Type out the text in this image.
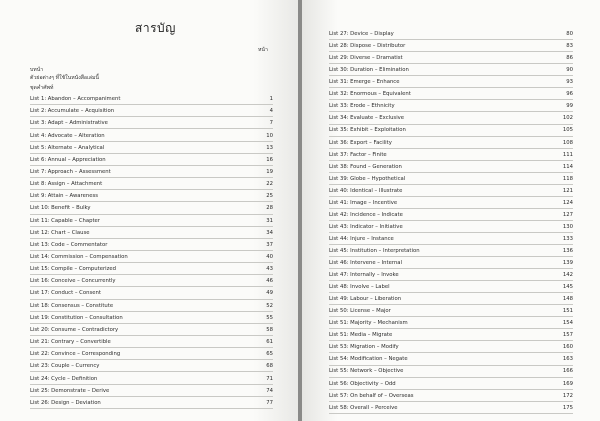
สารบัญ
หน้า
บทนำ
ตัวย่อต่างๆ ที่ใช้ในหนังสือเล่มนี้
ชุดคำศัพท์
List 1: Abandon – Accompaniment	1
List 2: Accumulate – Acquisition	4
List 3: Adapt – Administrative	7
List 4: Advocate – Alteration	10
List 5: Alternate – Analytical	13
List 6: Annual – Appreciation	16
List 7: Approach – Assessment	19
List 8: Assign – Attachment	22
List 9: Attain – Awareness	25
List 10: Benefit – Bulky	28
List 11: Capable – Chapter	31
List 12: Chart – Clause	34
List 13: Code – Commentator	37
List 14: Commission – Compensation	40
List 15: Compile – Computerized	43
List 16: Conceive – Concurrently	46
List 17: Conduct – Consent	49
List 18: Consensus – Constitute	52
List 19: Constitution – Consultation	55
List 20: Consume – Contradictory	58
List 21: Contrary – Convertible	61
List 22: Convince – Corresponding	65
List 23: Couple – Currency	68
List 24: Cycle – Definition	71
List 25: Demonstrate – Derive	74
List 26: Design – Deviation	77
List 27: Device – Display	80
List 28: Dispose – Distributor	83
List 29: Diverse – Dramatist	86
List 30: Duration – Elimination	90
List 31: Emerge – Enhance	93
List 32: Enormous – Equivalent	96
List 33: Erode – Ethnicity	99
List 34: Evaluate – Exclusive	102
List 35: Exhibit – Exploitation	105
List 36: Export – Facility	108
List 37: Factor – Finite	111
List 38: Found – Generation	114
List 39: Globe – Hypothetical	118
List 40: Identical – Illustrate	121
List 41: Image – Incentive	124
List 42: Incidence – Indicate	127
List 43: Indicator – Initiative	130
List 44: Injure – Instance	133
List 45: Institution – Interpretation	136
List 46: Intervene – Internal	139
List 47: Internally – Invoke	142
List 48: Involve – Label	145
List 49: Labour – Liberation	148
List 50: License – Major	151
List 51: Majority – Mechanism	154
List 51: Media – Migrate	157
List 53: Migration – Modify	160
List 54: Modification – Negate	163
List 55: Network – Objective	166
List 56: Objectivity – Odd	169
List 57: On behalf of – Overseas	172
List 58: Overall – Perceive	175
